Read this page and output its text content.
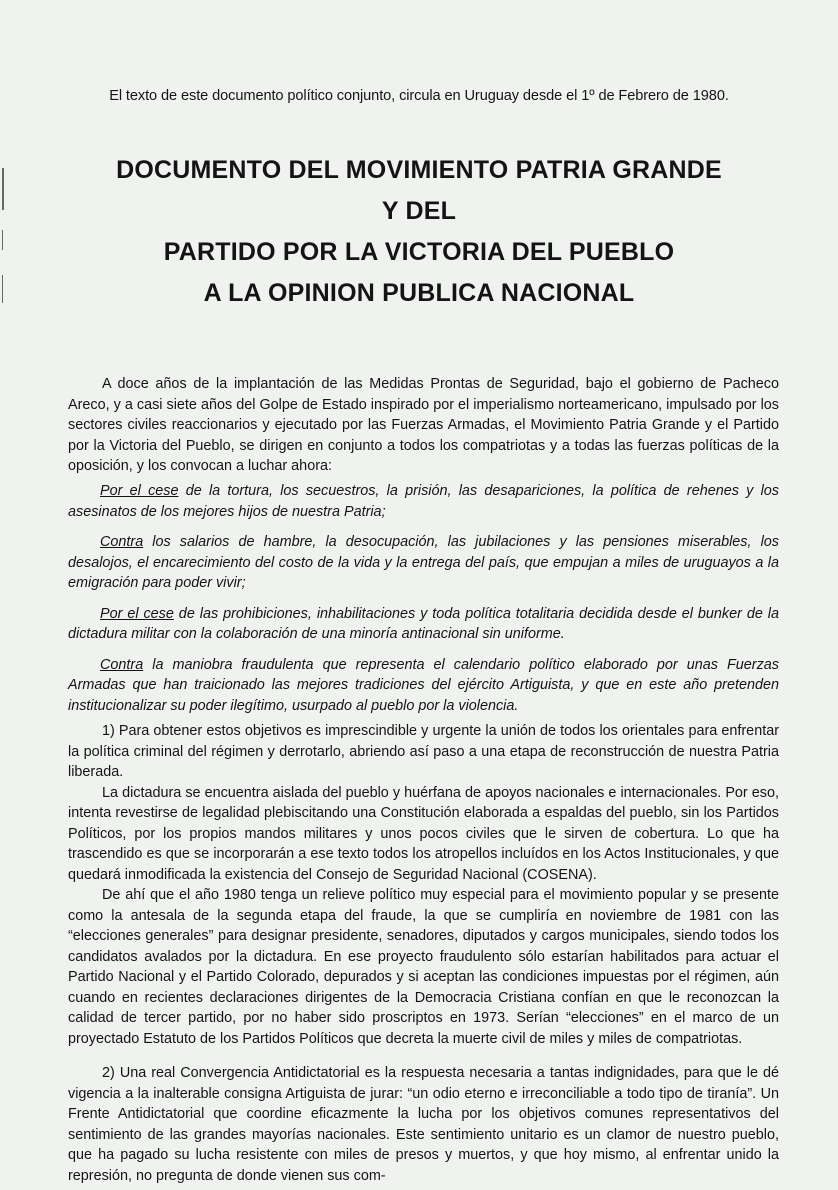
El texto de este documento político conjunto, circula en Uruguay desde el 1º de Febrero de 1980.
DOCUMENTO DEL MOVIMIENTO PATRIA GRANDE
Y DEL
PARTIDO POR LA VICTORIA DEL PUEBLO
A LA OPINION PUBLICA NACIONAL

A doce años de la implantación de las Medidas Prontas de Seguridad, bajo el gobierno de Pacheco Areco, y a casi siete años del Golpe de Estado inspirado por el imperialismo norteamericano, impulsado por los sectores civiles reaccionarios y ejecutado por las Fuerzas Armadas, el Movimiento Patria Grande y el Partido por la Victoria del Pueblo, se dirigen en conjunto a todos los compatriotas y a todas las fuerzas políticas de la oposición, y los convocan a luchar ahora:

Por el cese de la tortura, los secuestros, la prisión, las desapariciones, la política de rehenes y los asesinatos de los mejores hijos de nuestra Patria;

Contra los salarios de hambre, la desocupación, las jubilaciones y las pensiones miserables, los desalojos, el encarecimiento del costo de la vida y la entrega del país, que empujan a miles de uruguayos a la emigración para poder vivir;

Por el cese de las prohibiciones, inhabilitaciones y toda política totalitaria decidida desde el bunker de la dictadura militar con la colaboración de una minoría antinacional sin uniforme.

Contra la maniobra fraudulenta que representa el calendario político elaborado por unas Fuerzas Armadas que han traicionado las mejores tradiciones del ejército Artiguista, y que en este año pretenden institucionalizar su poder ilegítimo, usurpado al pueblo por la violencia.

1) Para obtener estos objetivos es imprescindible y urgente la unión de todos los orientales para enfrentar la política criminal del régimen y derrotarlo, abriendo así paso a una etapa de reconstrucción de nuestra Patria liberada.

La dictadura se encuentra aislada del pueblo y huérfana de apoyos nacionales e internacionales. Por eso, intenta revestirse de legalidad plebiscitando una Constitución elaborada a espaldas del pueblo, sin los Partidos Políticos, por los propios mandos militares y unos pocos civiles que le sirven de cobertura. Lo que ha trascendido es que se incorporarán a ese texto todos los atropellos incluídos en los Actos Institucionales, y que quedará inmodificada la existencia del Consejo de Seguridad Nacional (COSENA).

De ahí que el año 1980 tenga un relieve político muy especial para el movimiento popular y se presente como la antesala de la segunda etapa del fraude, la que se cumpliría en noviembre de 1981 con las “elecciones generales” para designar presidente, senadores, diputados y cargos municipales, siendo todos los candidatos avalados por la dictadura. En ese proyecto fraudulento sólo estarían habilitados para actuar el Partido Nacional y el Partido Colorado, depurados y si aceptan las condiciones impuestas por el régimen, aún cuando en recientes declaraciones dirigentes de la Democracia Cristiana confían en que le reconozcan la calidad de tercer partido, por no haber sido proscriptos en 1973. Serían “elecciones” en el marco de un proyectado Estatuto de los Partidos Políticos que decreta la muerte civil de miles y miles de compatriotas.

2) Una real Convergencia Antidictatorial es la respuesta necesaria a tantas indignidades, para que le dé vigencia a la inalterable consigna Artiguista de jurar: “un odio eterno e irreconciliable a todo tipo de tiranía”. Un Frente Antidictatorial que coordine eficazmente la lucha por los objetivos comunes representativos del sentimiento de las grandes mayorías nacionales. Este sentimiento unitario es un clamor de nuestro pueblo, que ha pagado su lucha resistente con miles de presos y muertos, y que hoy mismo, al enfrentar unido la represión, no pregunta de donde vienen sus com-
